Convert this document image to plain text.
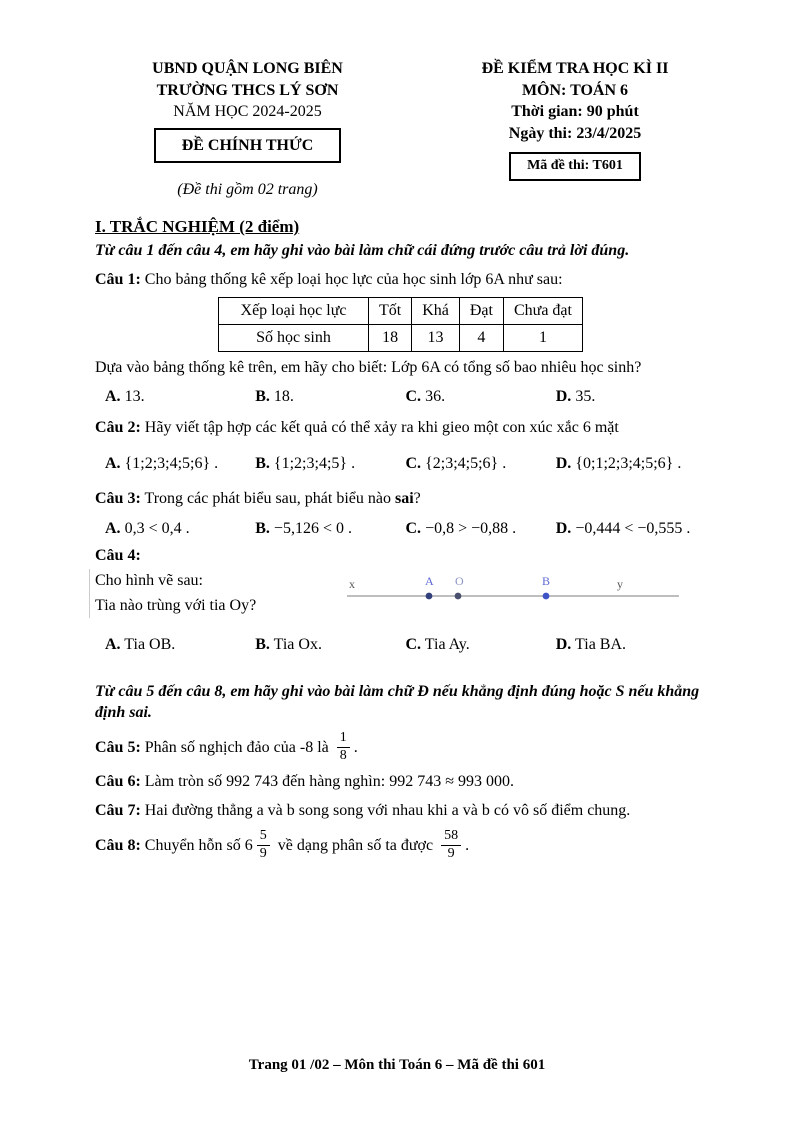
UBND QUẬN LONG BIÊN
TRƯỜNG THCS LÝ SƠN
NĂM HỌC 2024-2025
ĐỀ CHÍNH THỨC
(Đề thi gồm 02 trang)
ĐỀ KIỂM TRA HỌC KÌ II
MÔN: TOÁN 6
Thời gian: 90 phút
Ngày thi: 23/4/2025
Mã đề thi: T601
I. TRẮC NGHIỆM (2 điểm)
Từ câu 1 đến câu 4, em hãy ghi vào bài làm chữ cái đứng trước câu trả lời đúng.
Câu 1: Cho bảng thống kê xếp loại học lực của học sinh lớp 6A như sau:
Xếp loại học lực	Tốt	Khá	Đạt	Chưa đạt
Số học sinh	18	13	4	1
Dựa vào bảng thống kê trên, em hãy cho biết: Lớp 6A có tổng số bao nhiêu học sinh?
A. 13.	B. 18.	C. 36.	D. 35.
Câu 2: Hãy viết tập hợp các kết quả có thể xảy ra khi gieo một con xúc xắc 6 mặt
A. {1;2;3;4;5;6} .	B. {1;2;3;4;5} .	C. {2;3;4;5;6} .	D. {0;1;2;3;4;5;6} .
Câu 3: Trong các phát biểu sau, phát biểu nào sai?
A. 0,3 < 0,4 .	B. −5,126 < 0 .	C. −0,8 > −0,88 .	D. −0,444 < −0,555 .
Câu 4:
Cho hình vẽ sau:
Tia nào trùng với tia Oy?
x	A O	B	y
A. Tia OB.	B. Tia Ox.	C. Tia Ay.	D. Tia BA.
Từ câu 5 đến câu 8, em hãy ghi vào bài làm chữ Đ nếu khẳng định đúng hoặc S nếu khẳng định sai.
Câu 5: Phân số nghịch đảo của -8 là $\frac{1}{8}$ .
Câu 6: Làm tròn số 992 743 đến hàng nghìn: 992 743 ≈ 993 000.
Câu 7: Hai đường thẳng a và b song song với nhau khi a và b có vô số điểm chung.
Câu 8: Chuyển hỗn số $6 \frac{5}{9}$ về dạng phân số ta được $\frac{58}{9}$ .
Trang 01 /02 – Môn thi Toán 6 – Mã đề thi 601
